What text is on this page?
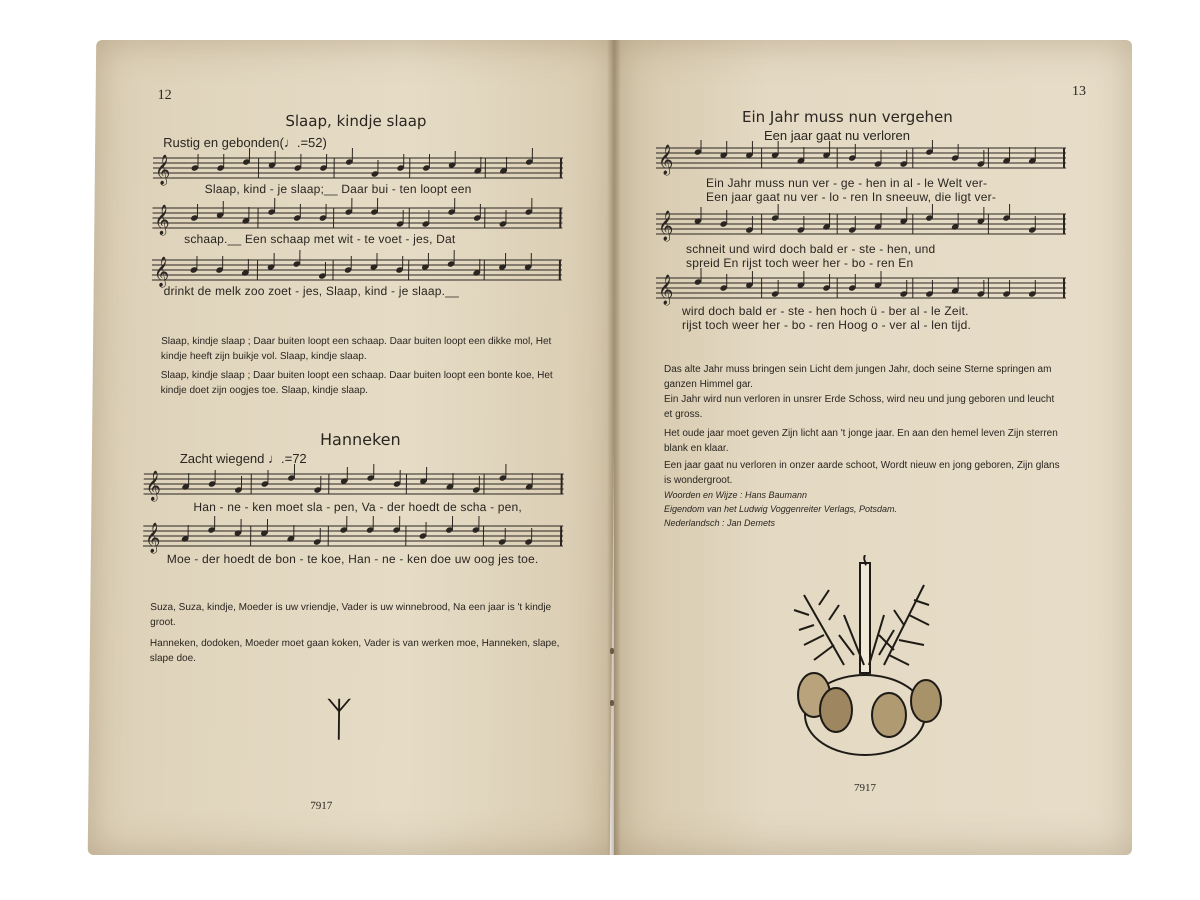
12
Slaap, kindje slaap
Rustig en gebonden(♩.=52)
𝄞
𝄞
𝄞
Slaap, kind - je slaap;__ Daar bui - ten loopt een
schaap.__ Een schaap met wit - te voet - jes, Dat
drinkt de melk zoo zoet - jes, Slaap, kind - je slaap.__
Slaap, kindje slaap ; Daar buiten loopt een schaap. Daar buiten loopt een dikke mol, Het kindje heeft zijn buikje vol. Slaap, kindje slaap.
Slaap, kindje slaap ; Daar buiten loopt een schaap. Daar buiten loopt een bonte koe, Het kindje doet zijn oogjes toe. Slaap, kindje slaap.
Hanneken
Zacht wiegend ♩.=72
𝄞
𝄞
Han - ne - ken moet sla - pen, Va - der hoedt de scha - pen,
Moe - der hoedt de bon - te koe, Han - ne - ken doe uw oog jes toe.
Suza, Suza, kindje, Moeder is uw vriendje, Vader is uw winnebrood, Na een jaar is 't kindje groot.
Hanneken, dodoken, Moeder moet gaan koken, Vader is van werken moe, Hanneken, slape, slape doe.
ᛉ
7917
13
Ein Jahr muss nun vergehen
Een jaar gaat nu verloren
𝄞
𝄞
𝄞
Ein Jahr muss nun ver - ge - hen in al - le Welt ver-
Een jaar gaat nu ver - lo - ren In sneeuw, die ligt ver-
schneit und wird doch bald er - ste - hen, und
spreid En rijst toch weer her - bo - ren En
wird doch bald er - ste - hen hoch ü - ber al - le Zeit.
rijst toch weer her - bo - ren Hoog o - ver al - len tijd.
Das alte Jahr muss bringen sein Licht dem jungen Jahr, doch seine Sterne springen am ganzen Himmel gar.
Ein Jahr wird nun verloren in unsrer Erde Schoss, wird neu und jung geboren und leucht et gross.
Het oude jaar moet geven Zijn licht aan 't jonge jaar. En aan den hemel leven Zijn sterren blank en klaar.
Een jaar gaat nu verloren in onzer aarde schoot, Wordt nieuw en jong geboren, Zijn glans is wondergroot.
Woorden en Wijze : Hans Baumann
Eigendom van het Ludwig Voggenreiter Verlags, Potsdam.
Nederlandsch : Jan Demets
7917
